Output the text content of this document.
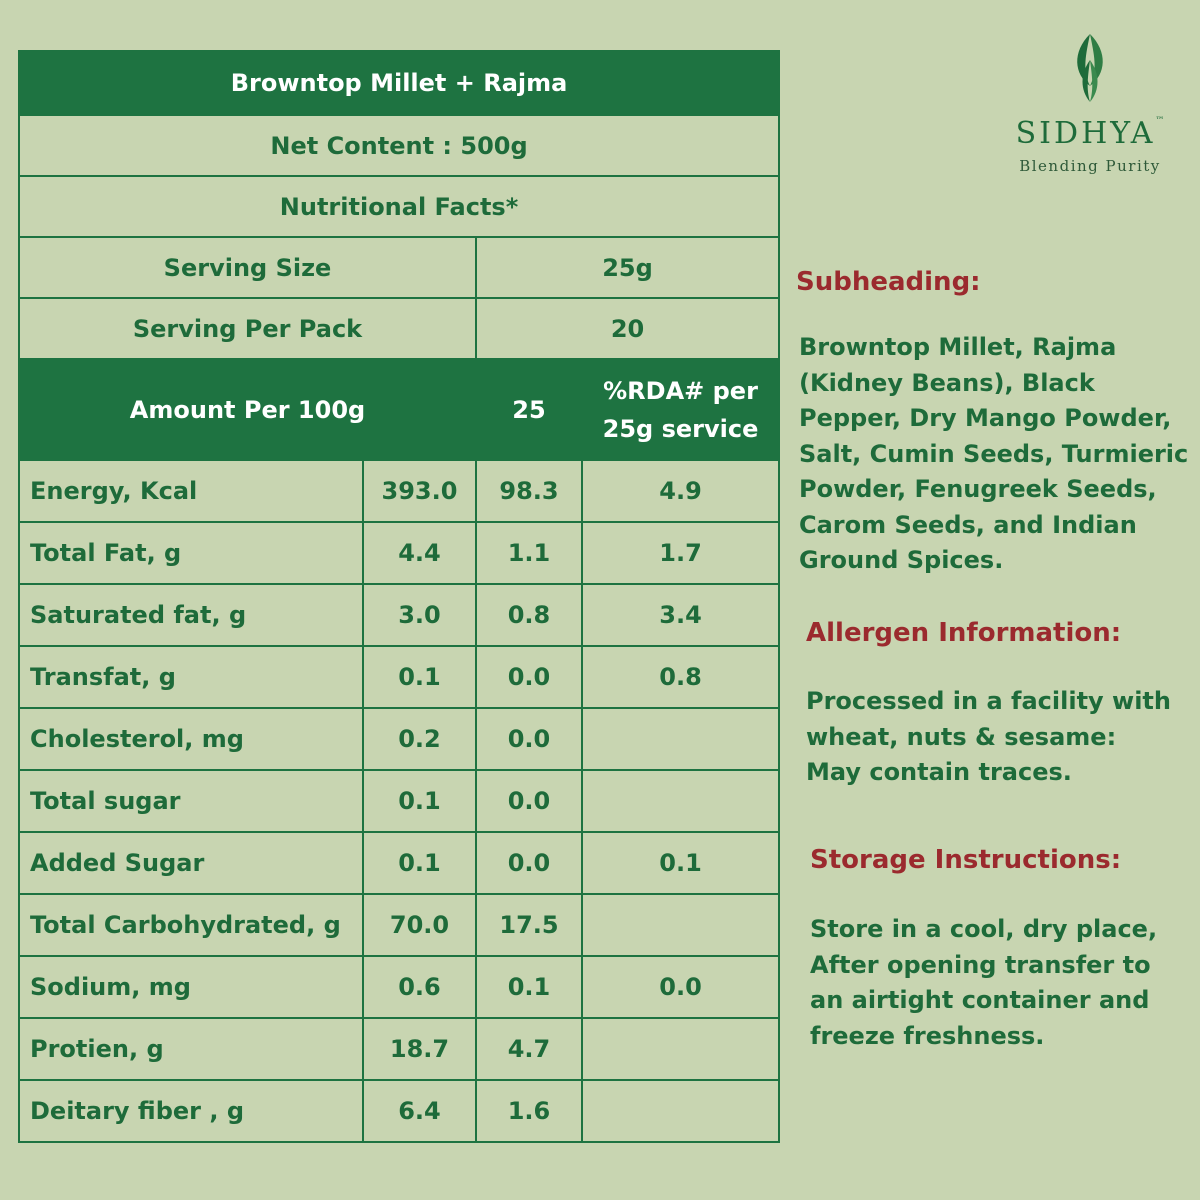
Browntop Millet + Rajma			
Net Content : 500g			
Nutritional Facts*			
Serving Size		25g	
Serving Per Pack		20	
Amount Per 100g		25	%RDA# per
25g service
Energy, Kcal	393.0	98.3	4.9
Total Fat, g	4.4	1.1	1.7
Saturated fat, g	3.0	0.8	3.4
Transfat, g	0.1	0.0	0.8
Cholesterol, mg	0.2	0.0	
Total sugar	0.1	0.0	
Added Sugar	0.1	0.0	0.1
Total Carbohydrated, g	70.0	17.5	
Sodium, mg	0.6	0.1	0.0
Protien, g	18.7	4.7	
Deitary fiber , g	6.4	1.6	
SIDHYA™
Blending Purity
Subheading:
Browntop Millet, Rajma
(Kidney Beans), Black
Pepper, Dry Mango Powder,
Salt, Cumin Seeds, Turmieric
Powder, Fenugreek Seeds,
Carom Seeds, and Indian
Ground Spices.
Allergen Information:
Processed in a facility with
wheat, nuts & sesame:
May contain traces.
Storage Instructions:
Store in a cool, dry place,
After opening transfer to
an airtight container and
freeze freshness.
